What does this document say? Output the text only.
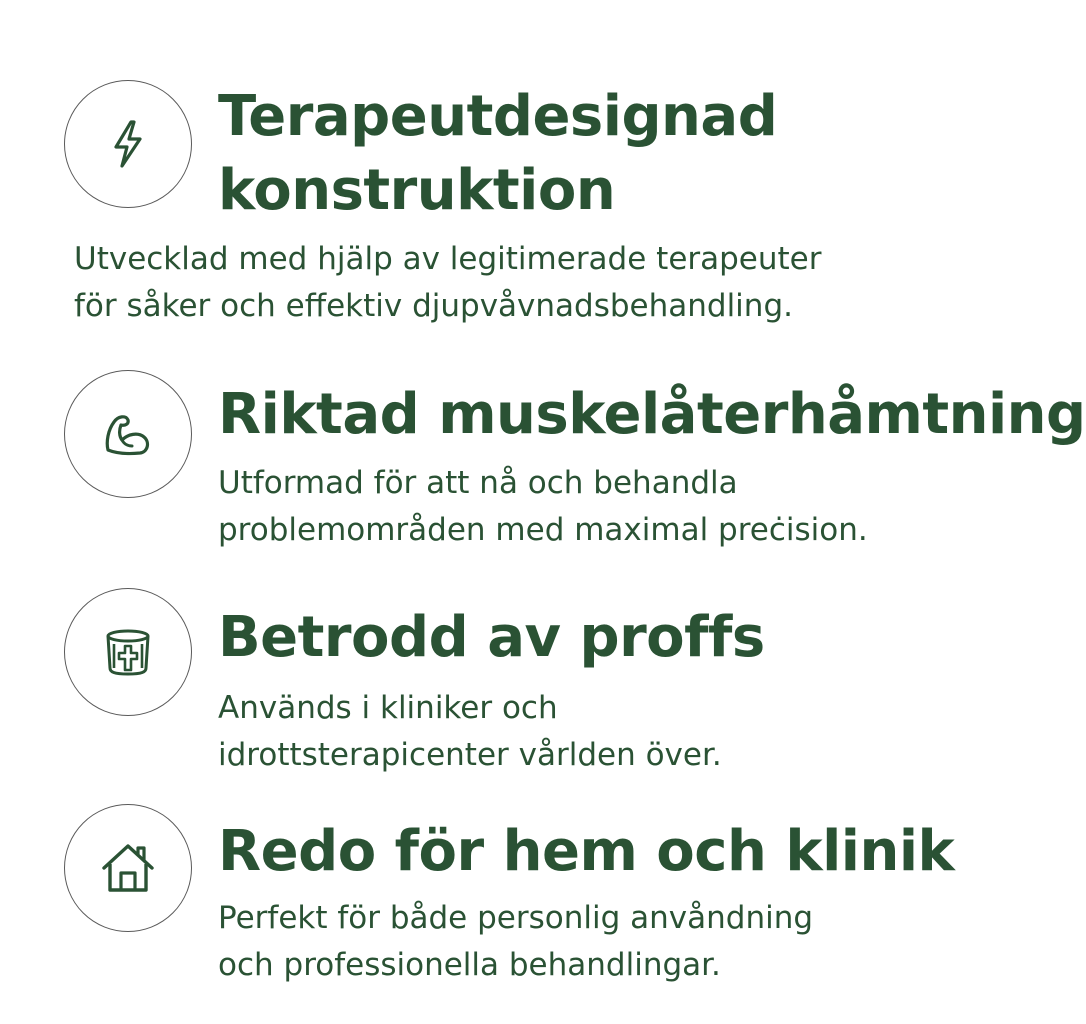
Terapeutdesignad
konstruktion

Utvecklad med hjälp av legitimerade terapeuter
för såker och effektiv djupvåvnadsbehandling.

Riktad muskelåterhåmtning

Utformad för att nå och behandla
problemområden med maximal preċision.

Betrodd av proffs

Används i kliniker och
idrottsterapicenter vårlden över.

Redo för hem och klinik

Perfekt för både personlig anvåndning
och professionella behandlingar.
